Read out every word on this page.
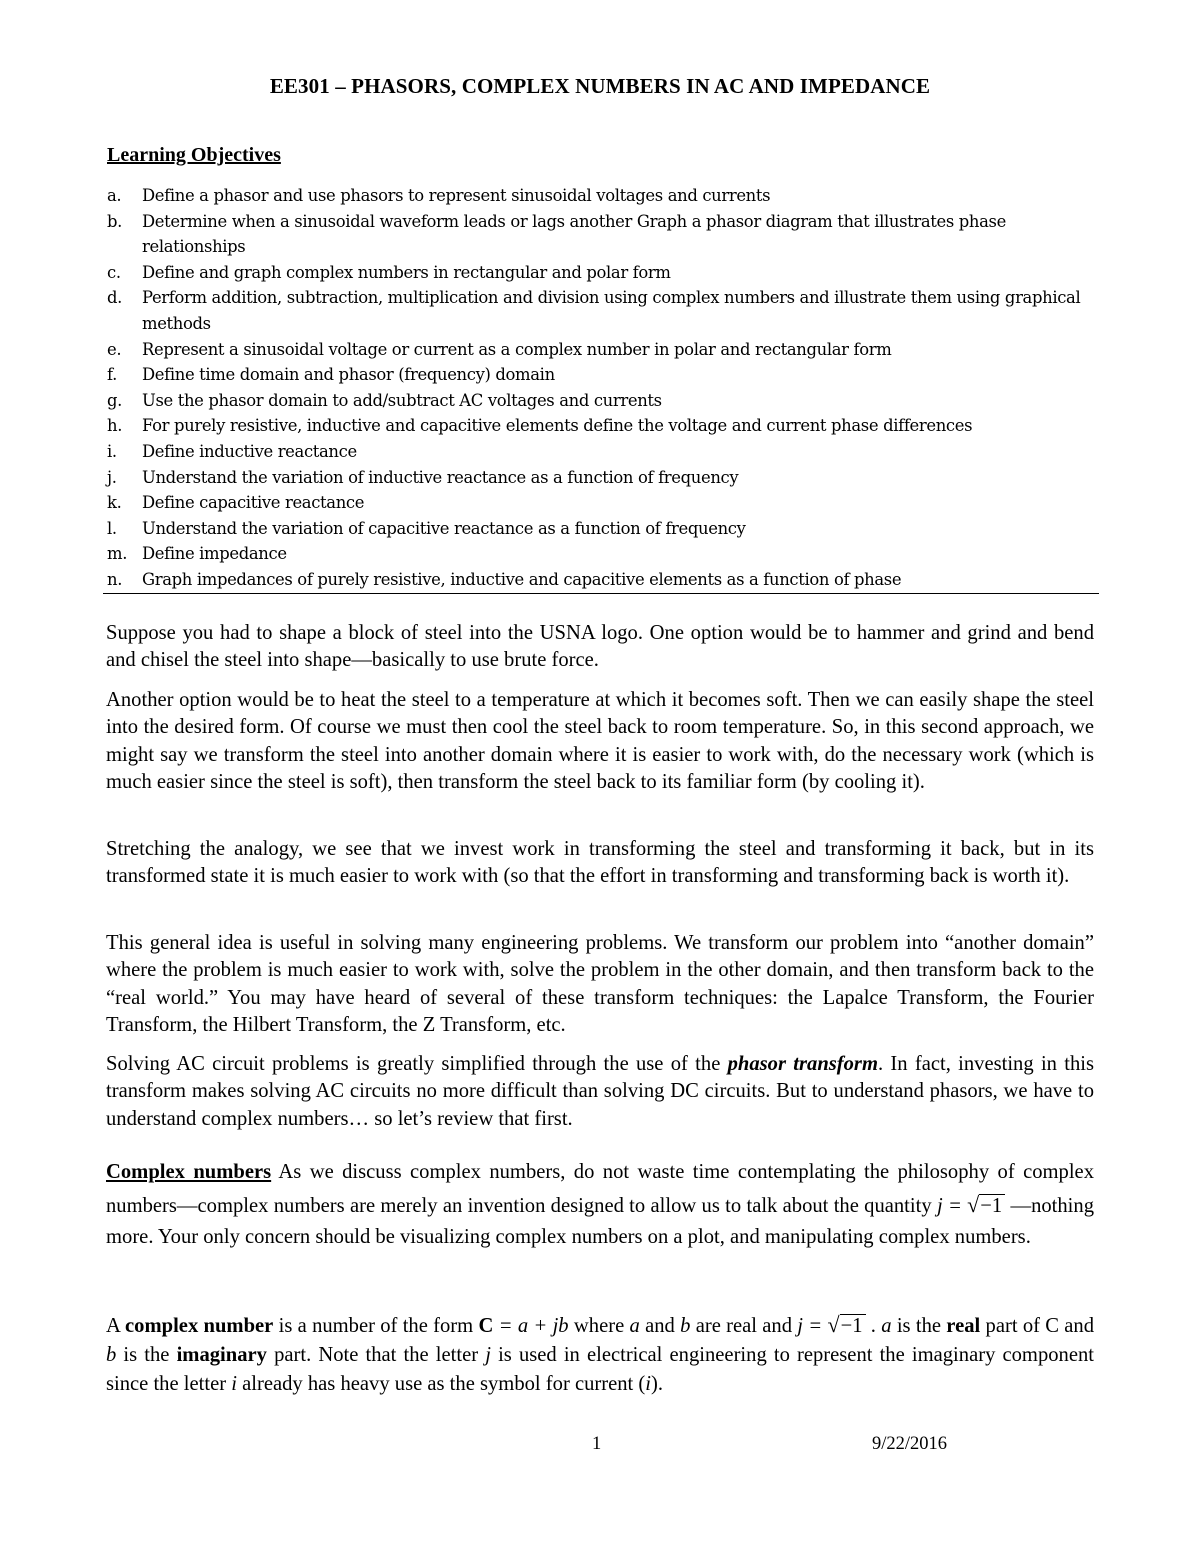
EE301 – PHASORS, COMPLEX NUMBERS IN AC AND IMPEDANCE
Learning Objectives
a.	Define a phasor and use phasors to represent sinusoidal voltages and currents
b.	Determine when a sinusoidal waveform leads or lags another Graph a phasor diagram that illustrates phase relationships
c.	Define and graph complex numbers in rectangular and polar form
d.	Perform addition, subtraction, multiplication and division using complex numbers and illustrate them using graphical methods
e.	Represent a sinusoidal voltage or current as a complex number in polar and rectangular form
f.	Define time domain and phasor (frequency) domain
g.	Use the phasor domain to add/subtract AC voltages and currents
h.	For purely resistive, inductive and capacitive elements define the voltage and current phase differences
i.	Define inductive reactance
j.	Understand the variation of inductive reactance as a function of frequency
k.	Define capacitive reactance
l.	Understand the variation of capacitive reactance as a function of frequency
m. Define impedance
n.	Graph impedances of purely resistive, inductive and capacitive elements as a function of phase

Suppose you had to shape a block of steel into the USNA logo. One option would be to hammer and grind and bend and chisel the steel into shape—basically to use brute force.

Another option would be to heat the steel to a temperature at which it becomes soft. Then we can easily shape the steel into the desired form. Of course we must then cool the steel back to room temperature. So, in this second approach, we might say we transform the steel into another domain where it is easier to work with, do the necessary work (which is much easier since the steel is soft), then transform the steel back to its familiar form (by cooling it).

Stretching the analogy, we see that we invest work in transforming the steel and transforming it back, but in its transformed state it is much easier to work with (so that the effort in transforming and transforming back is worth it).

This general idea is useful in solving many engineering problems. We transform our problem into “another domain” where the problem is much easier to work with, solve the problem in the other domain, and then transform back to the “real world.” You may have heard of several of these transform techniques: the Lapalce Transform, the Fourier Transform, the Hilbert Transform, the Z Transform, etc.

Solving AC circuit problems is greatly simplified through the use of the phasor transform. In fact, investing in this transform makes solving AC circuits no more difficult than solving DC circuits. But to understand phasors, we have to understand complex numbers… so let’s review that first.

Complex numbers As we discuss complex numbers, do not waste time contemplating the philosophy of complex numbers—complex numbers are merely an invention designed to allow us to talk about the quantity j = √−1 —nothing more. Your only concern should be visualizing complex numbers on a plot, and manipulating complex numbers.

A complex number is a number of the form C = a + jb where a and b are real and j = √−1 . a is the real part of C and b is the imaginary part. Note that the letter j is used in electrical engineering to represent the imaginary component since the letter i already has heavy use as the symbol for current (i).

1	9/22/2016
